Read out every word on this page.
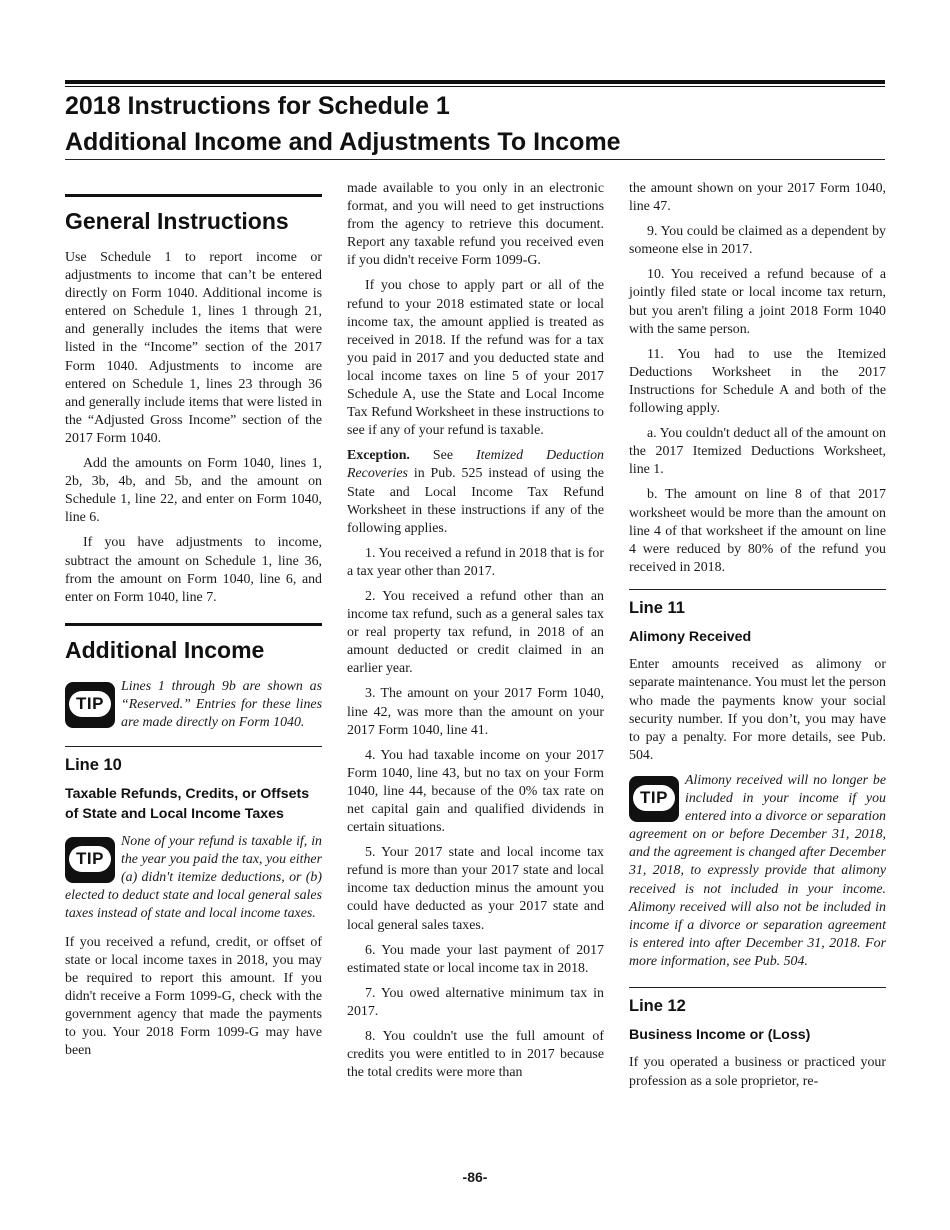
2018 Instructions for Schedule 1
Additional Income and Adjustments To Income
General Instructions

Use Schedule 1 to report income or adjustments to income that can’t be entered directly on Form 1040. Additional income is entered on Schedule 1, lines 1 through 21, and generally includes the items that were listed in the “Income” section of the 2017 Form 1040. Adjustments to income are entered on Schedule 1, lines 23 through 36 and generally include items that were listed in the “Adjusted Gross Income” section of the 2017 Form 1040.

Add the amounts on Form 1040, lines 1, 2b, 3b, 4b, and 5b, and the amount on Schedule 1, line 22, and enter on Form 1040, line 6.

If you have adjustments to income, subtract the amount on Schedule 1, line 36, from the amount on Form 1040, line 6, and enter on Form 1040, line 7.

Additional Income
TIP
Lines 1 through 9b are shown as “Reserved.” Entries for these lines are made directly on Form 1040.
Line 10
Taxable Refunds, Credits, or Offsets of State and Local Income Taxes
TIP
None of your refund is taxable if, in the year you paid the tax, you either (a) didn't itemize deductions, or (b) elected to deduct state and local general sales taxes instead of state and local income taxes.

If you received a refund, credit, or offset of state or local income taxes in 2018, you may be required to report this amount. If you didn't receive a Form 1099-G, check with the government agency that made the payments to you. Your 2018 Form 1099-G may have been

made available to you only in an electronic format, and you will need to get instructions from the agency to retrieve this document. Report any taxable refund you received even if you didn't receive Form 1099-G.

If you chose to apply part or all of the refund to your 2018 estimated state or local income tax, the amount applied is treated as received in 2018. If the refund was for a tax you paid in 2017 and you deducted state and local income taxes on line 5 of your 2017 Schedule A, use the State and Local Income Tax Refund Worksheet in these instructions to see if any of your refund is taxable.

Exception. See Itemized Deduction Recoveries in Pub. 525 instead of using the State and Local Income Tax Refund Worksheet in these instructions if any of the following applies.

1. You received a refund in 2018 that is for a tax year other than 2017.

2. You received a refund other than an income tax refund, such as a general sales tax or real property tax refund, in 2018 of an amount deducted or credit claimed in an earlier year.

3. The amount on your 2017 Form 1040, line 42, was more than the amount on your 2017 Form 1040, line 41.

4. You had taxable income on your 2017 Form 1040, line 43, but no tax on your Form 1040, line 44, because of the 0% tax rate on net capital gain and qualified dividends in certain situations.

5. Your 2017 state and local income tax refund is more than your 2017 state and local income tax deduction minus the amount you could have deducted as your 2017 state and local general sales taxes.

6. You made your last payment of 2017 estimated state or local income tax in 2018.

7. You owed alternative minimum tax in 2017.

8. You couldn't use the full amount of credits you were entitled to in 2017 because the total credits were more than

the amount shown on your 2017 Form 1040, line 47.

9. You could be claimed as a dependent by someone else in 2017.

10. You received a refund because of a jointly filed state or local income tax return, but you aren't filing a joint 2018 Form 1040 with the same person.

11. You had to use the Itemized Deductions Worksheet in the 2017 Instructions for Schedule A and both of the following apply.

a. You couldn't deduct all of the amount on the 2017 Itemized Deductions Worksheet, line 1.

b. The amount on line 8 of that 2017 worksheet would be more than the amount on line 4 of that worksheet if the amount on line 4 were reduced by 80% of the refund you received in 2018.

Line 11
Alimony Received

Enter amounts received as alimony or separate maintenance. You must let the person who made the payments know your social security number. If you don’t, you may have to pay a penalty. For more details, see Pub. 504.

TIP
Alimony received will no longer be included in your income if you entered into a divorce or separation agreement on or before December 31, 2018, and the agreement is changed after December 31, 2018, to expressly provide that alimony received is not included in your income. Alimony received will also not be included in income if a divorce or separation agreement is entered into after December 31, 2018. For more information, see Pub. 504.
Line 12
Business Income or (Loss)

If you operated a business or practiced your profession as a sole proprietor, re-

-86-
